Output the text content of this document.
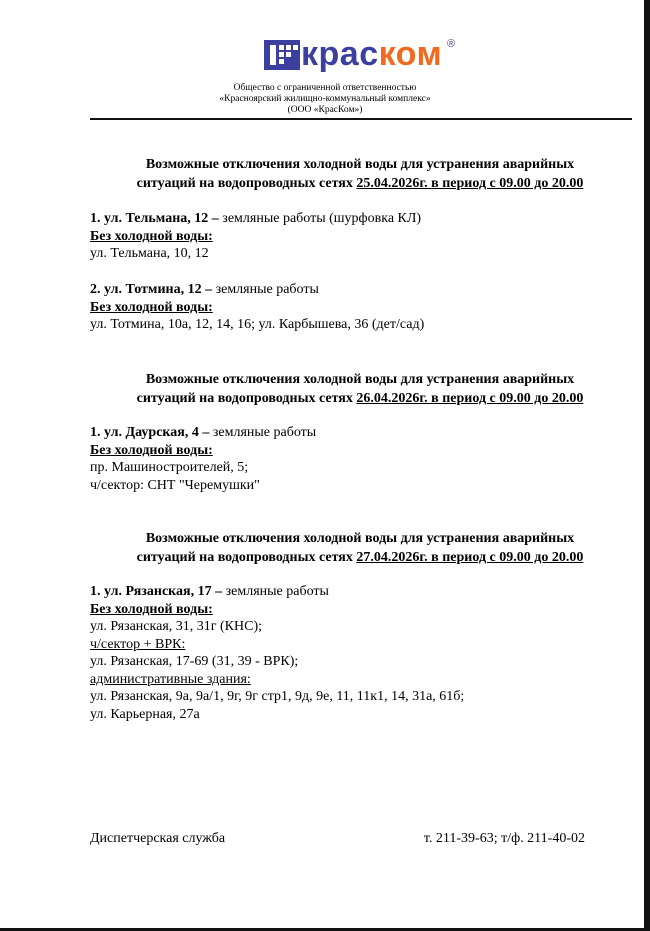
краском ®
Общество с ограниченной ответственностью
«Красноярский жилищно-коммунальный комплекс»
(ООО «КрасКом»)
Возможные отключения холодной воды для устранения аварийных
ситуаций на водопроводных сетях 25.04.2026г. в период с 09.00 до 20.00
1. ул. Тельмана, 12 – земляные работы (шурфовка КЛ)
Без холодной воды:
ул. Тельмана, 10, 12
2. ул. Тотмина, 12 – земляные работы
Без холодной воды:
ул. Тотмина, 10а, 12, 14, 16; ул. Карбышева, 36 (дет/сад)
Возможные отключения холодной воды для устранения аварийных
ситуаций на водопроводных сетях 26.04.2026г. в период с 09.00 до 20.00
1. ул. Даурская, 4 – земляные работы
Без холодной воды:
пр. Машиностроителей, 5;
ч/сектор: СНТ "Черемушки"
Возможные отключения холодной воды для устранения аварийных
ситуаций на водопроводных сетях 27.04.2026г. в период с 09.00 до 20.00
1. ул. Рязанская, 17 – земляные работы
Без холодной воды:
ул. Рязанская, 31, 31г (КНС);
ч/сектор + ВРК:
ул. Рязанская, 17-69 (31, 39 - ВРК);
административные здания:
ул. Рязанская, 9а, 9а/1, 9г, 9г стр1, 9д, 9е, 11, 11к1, 14, 31а, 61б;
ул. Карьерная, 27а
Диспетчерская служба	т. 211-39-63; т/ф. 211-40-02
